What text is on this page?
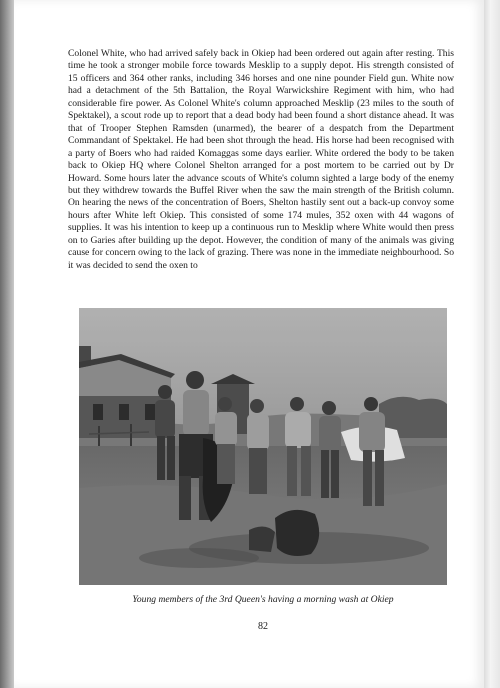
Colonel White, who had arrived safely back in Okiep had been ordered out again after resting. This time he took a stronger mobile force towards Mesklip to a supply depot. His strength consisted of 15 officers and 364 other ranks, including 346 horses and one nine pounder Field gun. White now had a detachment of the 5th Battalion, the Royal Warwickshire Regiment with him, who had considerable fire power. As Colonel White's column approached Mesklip (23 miles to the south of Spektakel), a scout rode up to report that a dead body had been found a short distance ahead. It was that of Trooper Stephen Ramsden (unarmed), the bearer of a despatch from the Department Commandant of Spektakel. He had been shot through the head. His horse had been recognised with a party of Boers who had raided Komaggas some days earlier. White ordered the body to be taken back to Okiep HQ where Colonel Shelton arranged for a post mortem to be carried out by Dr Howard. Some hours later the advance scouts of White's column sighted a large body of the enemy but they withdrew towards the Buffel River when the saw the main strength of the British column. On hearing the news of the concentration of Boers, Shelton hastily sent out a back-up convoy some hours after White left Okiep. This consisted of some 174 mules, 352 oxen with 44 wagons of supplies. It was his intention to keep up a continuous run to Mesklip where White would then press on to Garies after building up the depot. However, the condition of many of the animals was giving cause for concern owing to the lack of grazing. There was none in the immediate neighbourhood. So it was decided to send the oxen to

Young members of the 3rd Queen's having a morning wash at Okiep

82
